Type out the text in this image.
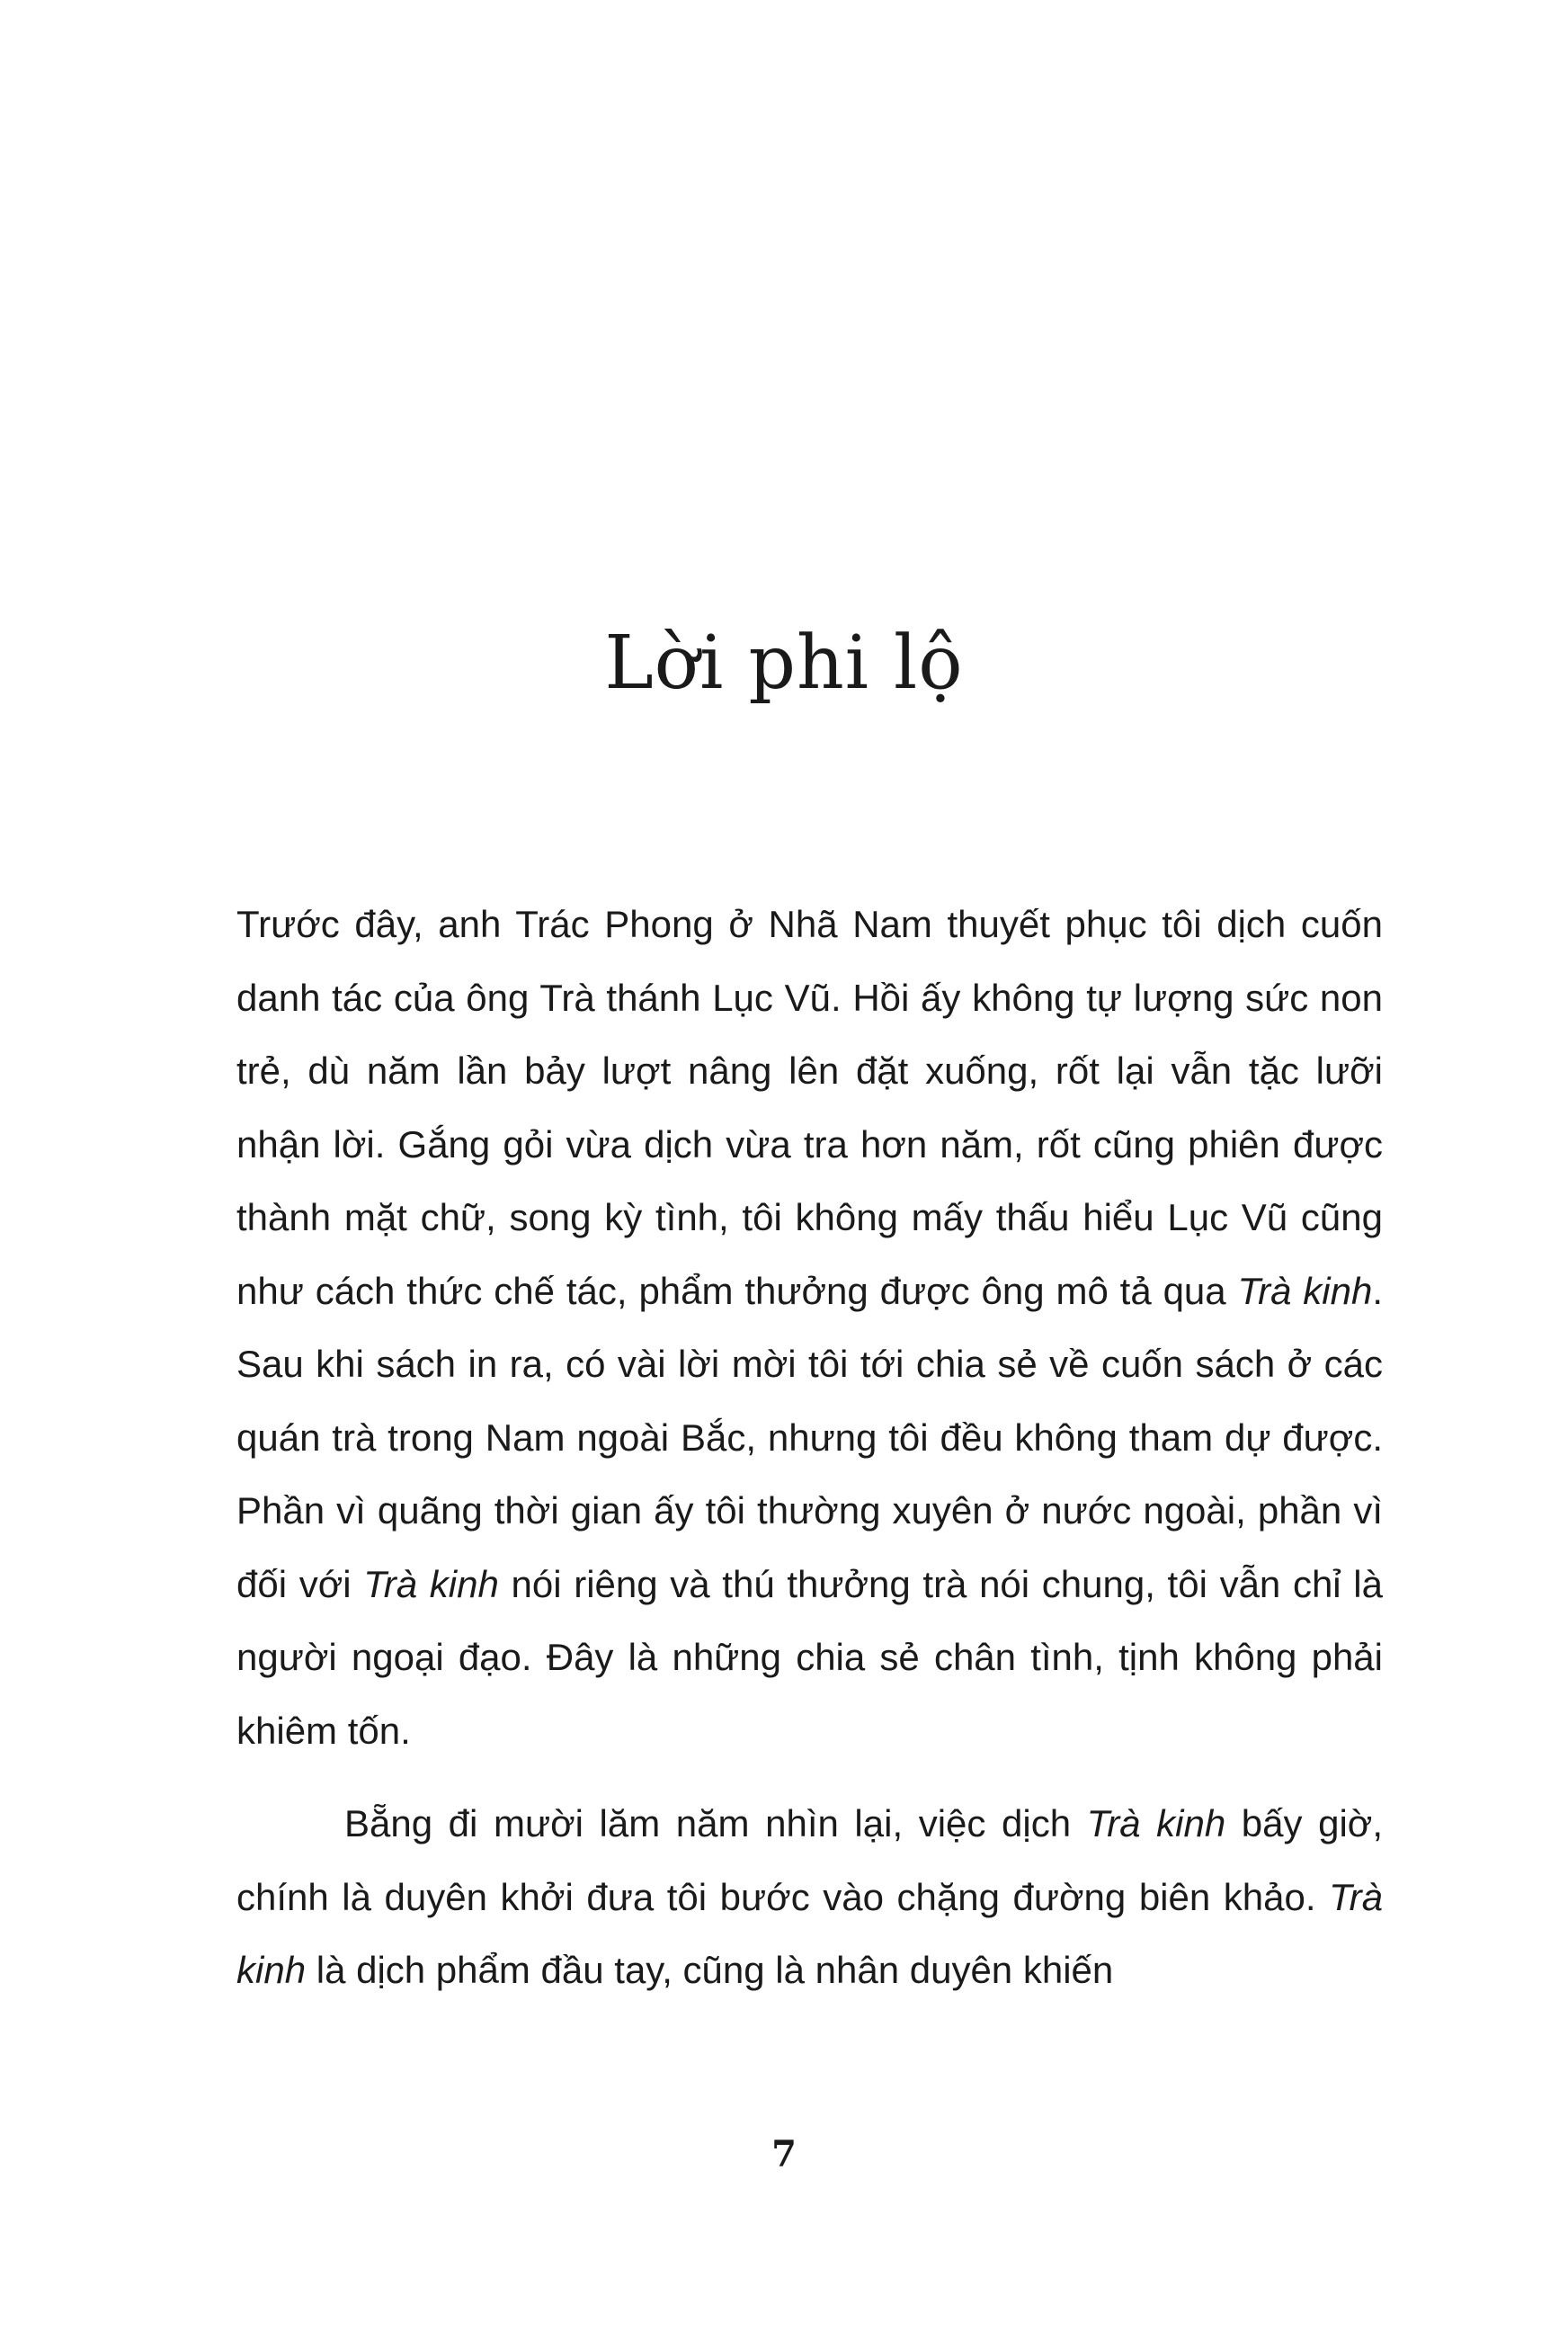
Lời phi lộ

Trước đây, anh Trác Phong ở Nhã Nam thuyết phục tôi dịch cuốn danh tác của ông Trà thánh Lục Vũ. Hồi ấy không tự lượng sức non trẻ, dù năm lần bảy lượt nâng lên đặt xuống, rốt lại vẫn tặc lưỡi nhận lời. Gắng gỏi vừa dịch vừa tra hơn năm, rốt cũng phiên được thành mặt chữ, song kỳ tình, tôi không mấy thấu hiểu Lục Vũ cũng như cách thức chế tác, phẩm thưởng được ông mô tả qua Trà kinh. Sau khi sách in ra, có vài lời mời tôi tới chia sẻ về cuốn sách ở các quán trà trong Nam ngoài Bắc, nhưng tôi đều không tham dự được. Phần vì quãng thời gian ấy tôi thường xuyên ở nước ngoài, phần vì đối với Trà kinh nói riêng và thú thưởng trà nói chung, tôi vẫn chỉ là người ngoại đạo. Đây là những chia sẻ chân tình, tịnh không phải khiêm tốn.

Bẵng đi mười lăm năm nhìn lại, việc dịch Trà kinh bấy giờ, chính là duyên khởi đưa tôi bước vào chặng đường biên khảo. Trà kinh là dịch phẩm đầu tay, cũng là nhân duyên khiến

7
